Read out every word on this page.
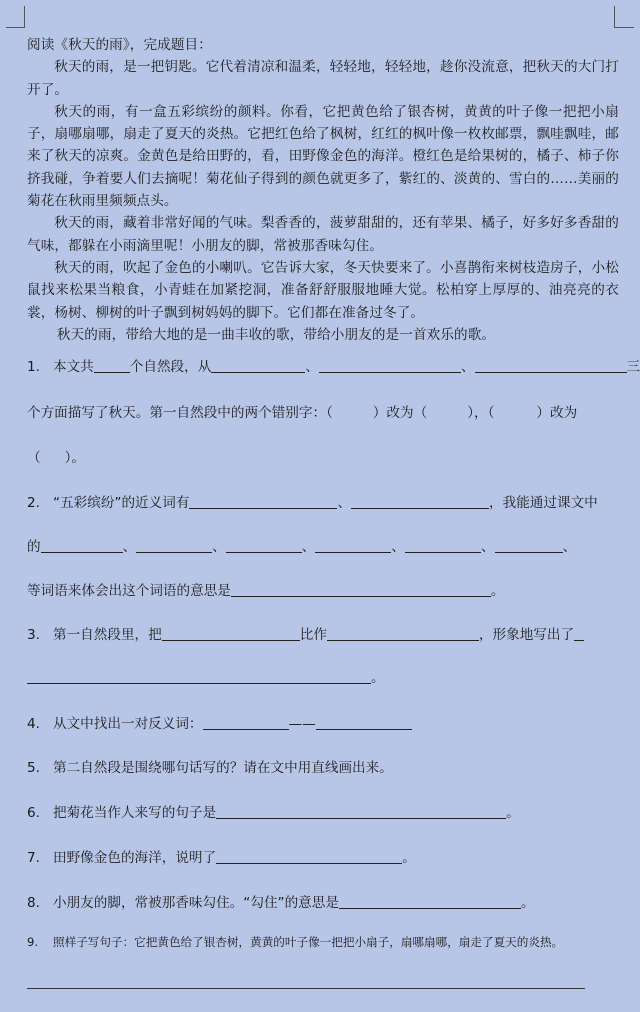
阅读《秋天的雨》，完成题目：

秋天的雨，是一把钥匙。它代着清凉和温柔，轻轻地，轻轻地，趁你没流意，把秋天的大门打开了。

秋天的雨，有一盒五彩缤纷的颜料。你看，它把黄色给了银杏树，黄黄的叶子像一把把小扇子，扇哪扇哪，扇走了夏天的炎热。它把红色给了枫树，红红的枫叶像一枚枚邮票，飘哇飘哇，邮来了秋天的凉爽。金黄色是给田野的，看，田野像金色的海洋。橙红色是给果树的，橘子、柿子你挤我碰，争着要人们去摘呢！菊花仙子得到的颜色就更多了，紫红的、淡黄的、雪白的……美丽的菊花在秋雨里频频点头。

秋天的雨，藏着非常好闻的气味。梨香香的，菠萝甜甜的，还有苹果、橘子，好多好多香甜的气味，都躲在小雨滴里呢！小朋友的脚，常被那香味勾住。

秋天的雨，吹起了金色的小喇叭。它告诉大家，冬天快要来了。小喜鹊衔来树枝造房子，小松鼠找来松果当粮食，小青蛙在加紧挖洞，准备舒舒服服地睡大觉。松柏穿上厚厚的、油亮亮的衣裳，杨树、柳树的叶子飘到树妈妈的脚下。它们都在准备过冬了。

秋天的雨，带给大地的是一曲丰收的歌，带给小朋友的是一首欢乐的歌。

1. 本文共	个自然段，从	、	、	三
个方面描写了秋天。第一自然段中的两个错别字：（	）改为（	），（	）改为
（ ）。
2. “五彩缤纷”的近义词有	、	，我能通过课文中
的	、	、	、	、	、	、
等词语来体会出这个词语的意思是	。
3. 第一自然段里，把	比作	，形象地写出了
。
4. 从文中找出一对反义词：	——
5. 第二自然段是围绕哪句话写的？请在文中用直线画出来。
6. 把菊花当作人来写的句子是	。
7. 田野像金色的海洋，说明了	。
8. 小朋友的脚，常被那香味勾住。“勾住”的意思是	。
9. 照样子写句子：它把黄色给了银杏树，黄黄的叶子像一把把小扇子，扇哪扇哪，扇走了夏天的炎热。
